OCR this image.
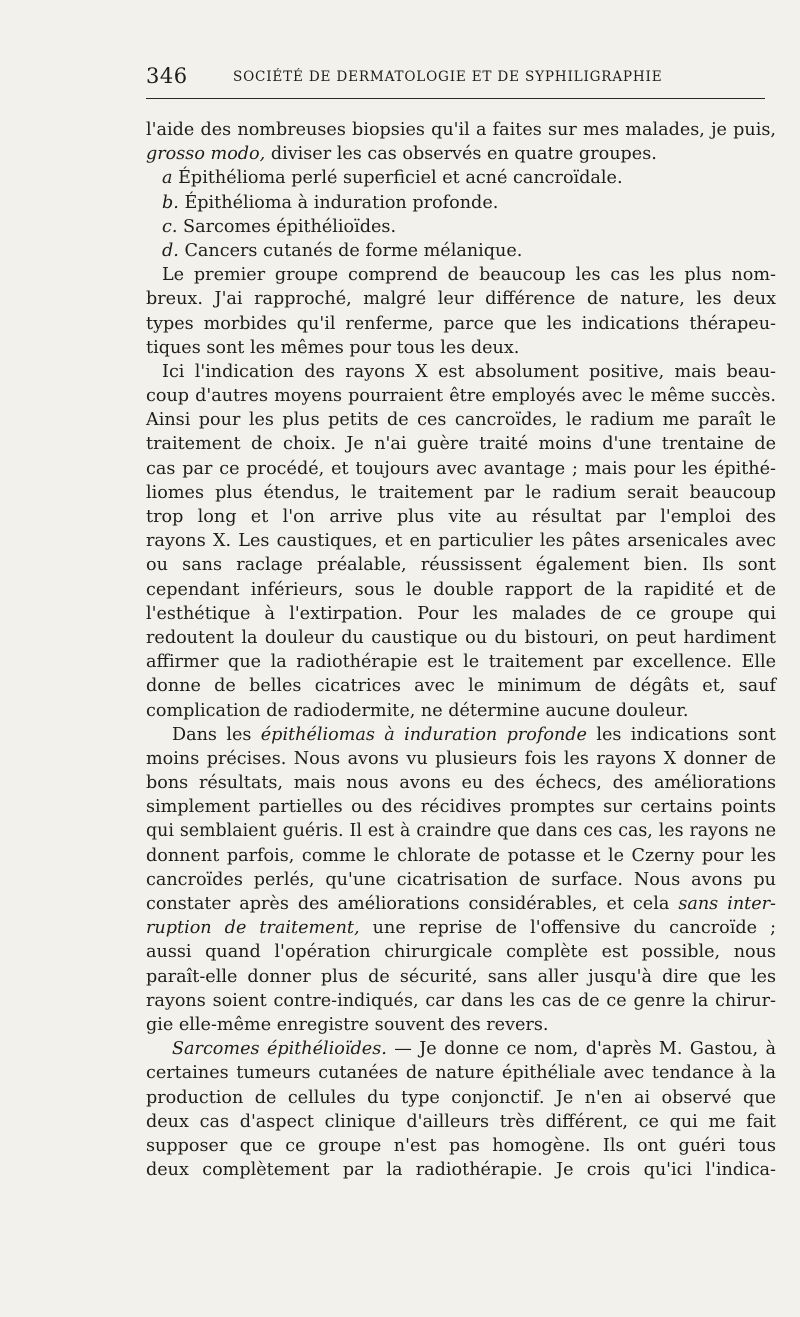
346	SOCIÉTÉ DE DERMATOLOGIE ET DE SYPHILIGRAPHIE
l'aide des nombreuses biopsies qu'il a faites sur mes malades, je puis,
grosso modo, diviser les cas observés en quatre groupes.
a Épithélioma perlé superficiel et acné cancroïdale.
b. Épithélioma à induration profonde.
c. Sarcomes épithélioïdes.
d. Cancers cutanés de forme mélanique.
Le premier groupe comprend de beaucoup les cas les plus nom-
breux. J'ai rapproché, malgré leur différence de nature, les deux
types morbides qu'il renferme, parce que les indications thérapeu-
tiques sont les mêmes pour tous les deux.
Ici l'indication des rayons X est absolument positive, mais beau-
coup d'autres moyens pourraient être employés avec le même succès.
Ainsi pour les plus petits de ces cancroïdes, le radium me paraît le
traitement de choix. Je n'ai guère traité moins d'une trentaine de
cas par ce procédé, et toujours avec avantage ; mais pour les épithé-
liomes plus étendus, le traitement par le radium serait beaucoup
trop long et l'on arrive plus vite au résultat par l'emploi des
rayons X. Les caustiques, et en particulier les pâtes arsenicales avec
ou sans raclage préalable, réussissent également bien. Ils sont
cependant inférieurs, sous le double rapport de la rapidité et de
l'esthétique à l'extirpation. Pour les malades de ce groupe qui
redoutent la douleur du caustique ou du bistouri, on peut hardiment
affirmer que la radiothérapie est le traitement par excellence. Elle
donne de belles cicatrices avec le minimum de dégâts et, sauf
complication de radiodermite, ne détermine aucune douleur.
Dans les épithéliomas à induration profonde les indications sont
moins précises. Nous avons vu plusieurs fois les rayons X donner de
bons résultats, mais nous avons eu des échecs, des améliorations
simplement partielles ou des récidives promptes sur certains points
qui semblaient guéris. Il est à craindre que dans ces cas, les rayons ne
donnent parfois, comme le chlorate de potasse et le Czerny pour les
cancroïdes perlés, qu'une cicatrisation de surface. Nous avons pu
constater après des améliorations considérables, et cela sans inter-
ruption de traitement, une reprise de l'offensive du cancroïde ;
aussi quand l'opération chirurgicale complète est possible, nous
paraît-elle donner plus de sécurité, sans aller jusqu'à dire que les
rayons soient contre-indiqués, car dans les cas de ce genre la chirur-
gie elle-même enregistre souvent des revers.
Sarcomes épithélioïdes. — Je donne ce nom, d'après M. Gastou, à
certaines tumeurs cutanées de nature épithéliale avec tendance à la
production de cellules du type conjonctif. Je n'en ai observé que
deux cas d'aspect clinique d'ailleurs très différent, ce qui me fait
supposer que ce groupe n'est pas homogène. Ils ont guéri tous
deux complètement par la radiothérapie. Je crois qu'ici l'indica-
